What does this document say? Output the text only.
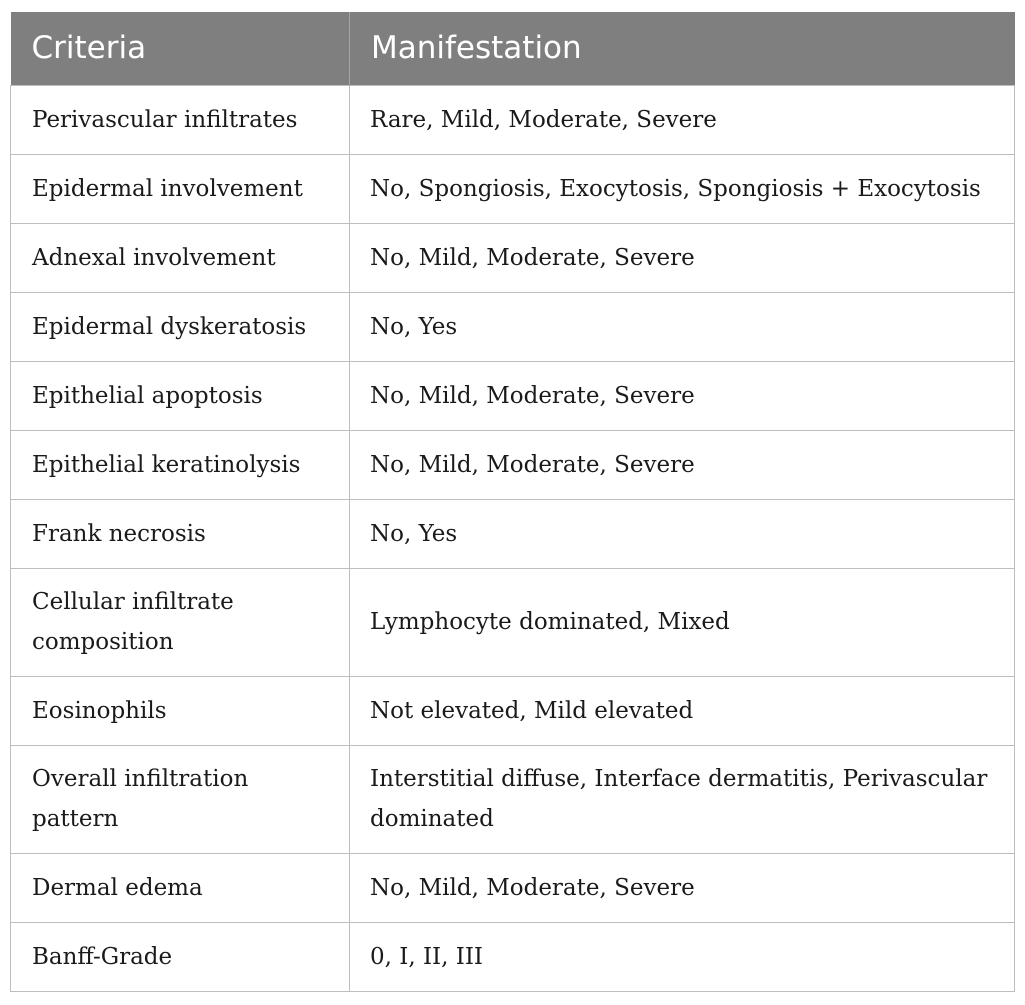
Criteria	Manifestation
Perivascular infiltrates	Rare, Mild, Moderate, Severe
Epidermal involvement	No, Spongiosis, Exocytosis, Spongiosis + Exocytosis
Adnexal involvement	No, Mild, Moderate, Severe
Epidermal dyskeratosis	No, Yes
Epithelial apoptosis	No, Mild, Moderate, Severe
Epithelial keratinolysis	No, Mild, Moderate, Severe
Frank necrosis	No, Yes
Cellular infiltrate composition	Lymphocyte dominated, Mixed
Eosinophils	Not elevated, Mild elevated
Overall infiltration pattern	Interstitial diffuse, Interface dermatitis, Perivascular dominated
Dermal edema	No, Mild, Moderate, Severe
Banff-Grade	0, I, II, III
